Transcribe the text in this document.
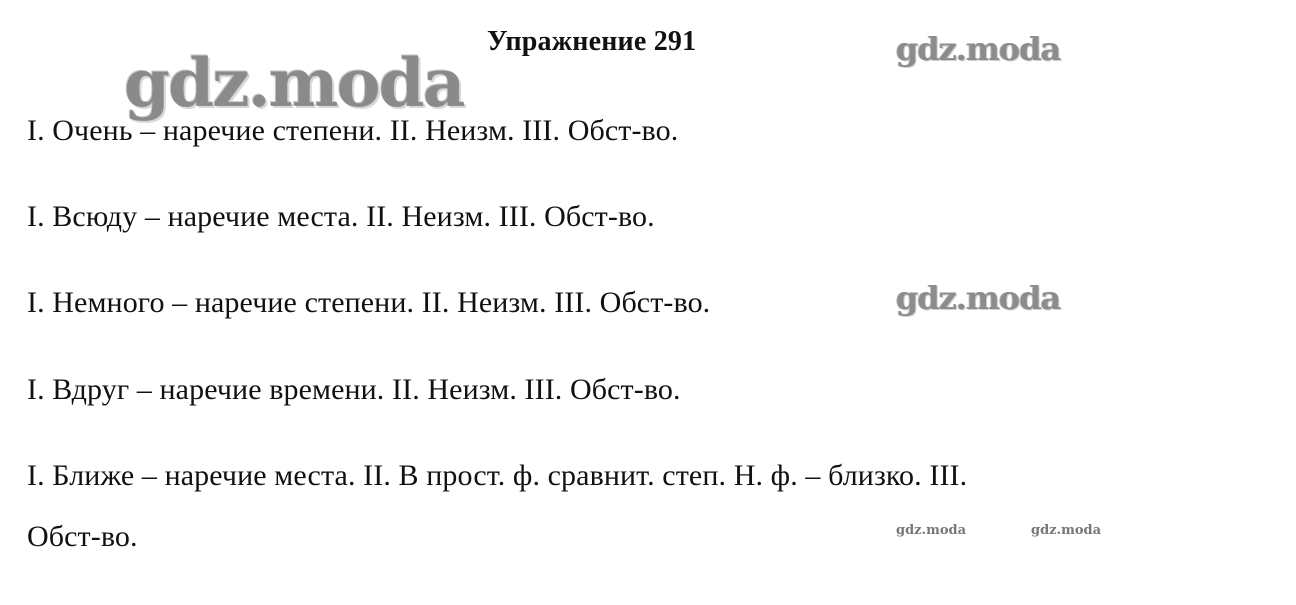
gdz.moda	gdz.moda
gdz.moda
gdz.moda	gdz.moda
Упражнение 291
I. Очень – наречие степени. II. Неизм. III. Обст-во.
I. Всюду – наречие места. II. Неизм. III. Обст-во.
I. Немного – наречие степени. II. Неизм. III. Обст-во.
I. Вдруг – наречие времени. II. Неизм. III. Обст-во.
I. Ближе – наречие места. II. В прост. ф. сравнит. степ. Н. ф. – близко. III.
Обст-во.
